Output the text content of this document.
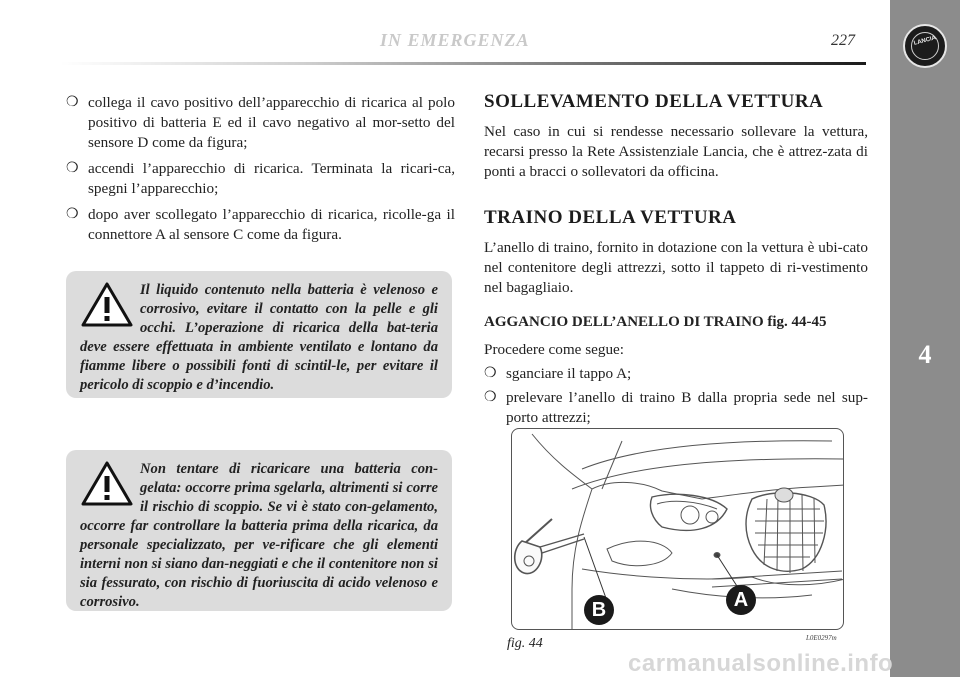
IN EMERGENZA	227	LANCIA
4
❍ collega il cavo positivo dell’apparecchio di ricarica al polo positivo di batteria E ed il cavo negativo al mor-setto del sensore D come da figura;
❍ accendi l’apparecchio di ricarica. Terminata la ricari-ca, spegni l’apparecchio;
❍ dopo aver scollegato l’apparecchio di ricarica, ricolle-ga il connettore A al sensore C come da figura.
Il liquido contenuto nella batteria è velenoso e corrosivo, evitare il contatto con la pelle e gli occhi. L’operazione di ricarica della bat-teria deve essere effettuata in ambiente ventilato e lontano da fiamme libere o possibili fonti di scintil-le, per evitare il pericolo di scoppio e d’incendio.
Non tentare di ricaricare una batteria con-gelata: occorre prima sgelarla, altrimenti si corre il rischio di scoppio. Se vi è stato con-gelamento, occorre far controllare la batteria prima della ricarica, da personale specializzato, per ve-rificare che gli elementi interni non si siano dan-neggiati e che il contenitore non si sia fessurato, con rischio di fuoriuscita di acido velenoso e corrosivo.
SOLLEVAMENTO DELLA VETTURA

Nel caso in cui si rendesse necessario sollevare la vettura, recarsi presso la Rete Assistenziale Lancia, che è attrez-zata di ponti a bracci o sollevatori da officina.

TRAINO DELLA VETTURA

L’anello di traino, fornito in dotazione con la vettura è ubi-cato nel contenitore degli attrezzi, sotto il tappeto di ri-vestimento nel bagagliaio.

AGGANCIO DELL’ANELLO DI TRAINO fig. 44-45

Procedere come segue:

❍ sganciare il tappo A;
❍ prelevare l’anello di traino B dalla propria sede nel sup-porto attrezzi;
A
B
fig. 44	L0E0297m
carmanualsonline.info
